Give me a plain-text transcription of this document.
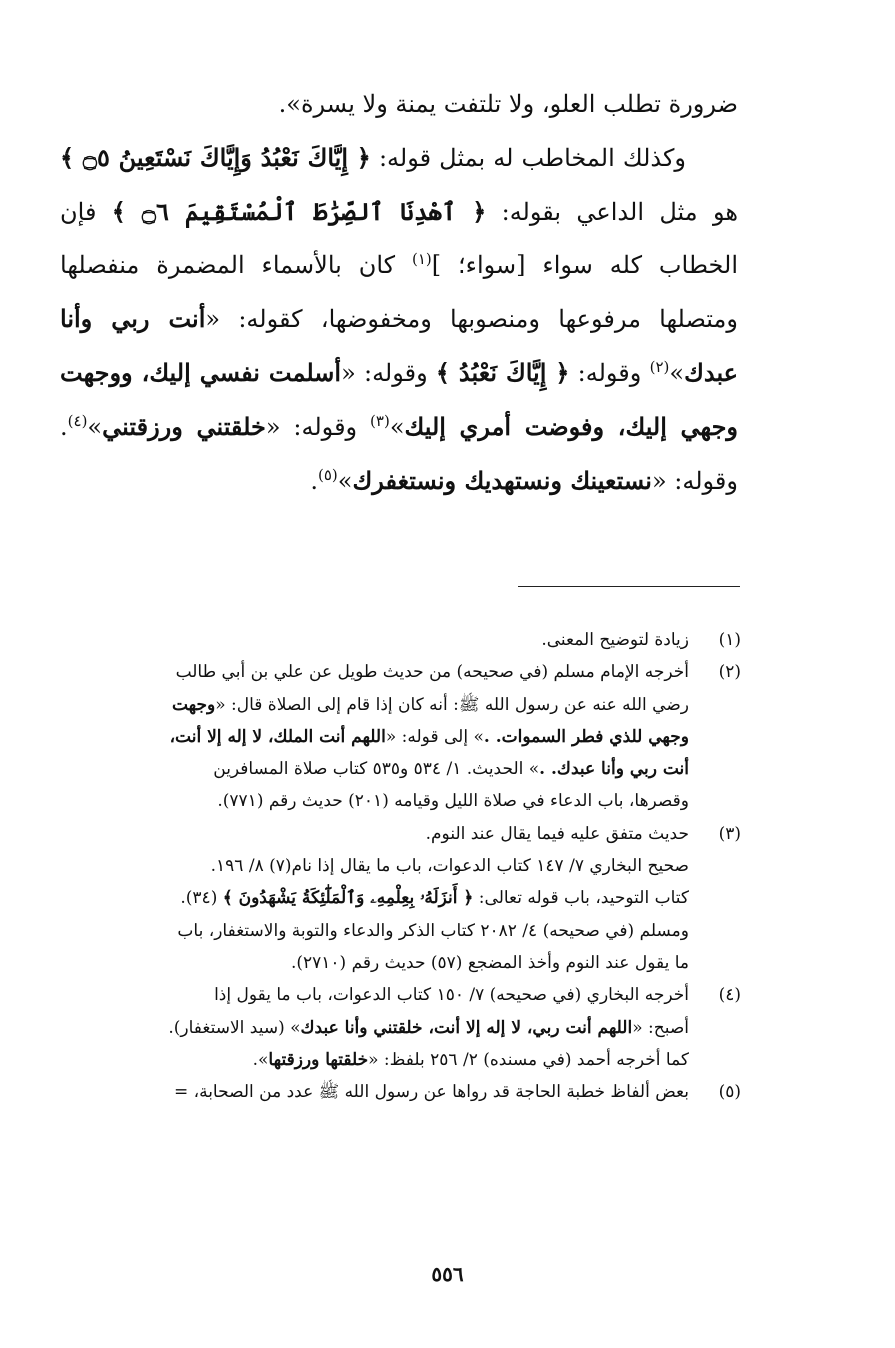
ضرورة تطلب العلو، ولا تلتفت يمنة ولا يسرة».

وكذلك المخاطب له بمثل قوله: ﴿ إِيَّاكَ نَعْبُدُ وَإِيَّاكَ نَسْتَعِينُ ۝٥ ﴾ هو مثل الداعي بقوله: ﴿ ٱهْدِنَا ٱلصِّرَٰطَ ٱلْمُسْتَقِيمَ ۝٦ ﴾ فإن الخطاب كله سواء [سواء؛ ]$^{(١)}$ كان بالأسماء المضمرة منفصلها ومتصلها مرفوعها ومنصوبها ومخفوضها، كقوله: «أنت ربي وأنا عبدك»$^{(٢)}$ وقوله: ﴿ إِيَّاكَ نَعْبُدُ ﴾ وقوله: «أسلمت نفسي إليك، ووجهت وجهي إليك، وفوضت أمري إليك»$^{(٣)}$ وقوله: «خلقتني ورزقتني»$^{(٤)}$. وقوله: «نستعينك ونستهديك ونستغفرك»$^{(٥)}$.

(١)
زيادة لتوضيح المعنى.
(٢)
أخرجه الإمام مسلم (في صحيحه) من حديث طويل عن علي بن أبي طالب
رضي الله عنه عن رسول الله ﷺ: أنه كان إذا قام إلى الصلاة قال: «وجهت
وجهي للذي فطر السموات. .» إلى قوله: «اللهم أنت الملك، لا إله إلا أنت،
أنت ربي وأنا عبدك. .» الحديث. ١/ ٥٣٤ و٥٣٥ كتاب صلاة المسافرين
وقصرها، باب الدعاء في صلاة الليل وقيامه (٢٠١) حديث رقم (٧٧١).
(٣)
حديث متفق عليه فيما يقال عند النوم.
صحيح البخاري ٧/ ١٤٧ كتاب الدعوات، باب ما يقال إذا نام(٧) ٨/ ١٩٦.
كتاب التوحيد، باب قوله تعالى: ﴿ أَنزَلَهُۥ بِعِلْمِهِۦ وَٱلْمَلَٰٓئِكَةُ يَشْهَدُونَ ﴾ (٣٤).
ومسلم (في صحيحه) ٤/ ٢٠٨٢ كتاب الذكر والدعاء والتوبة والاستغفار، باب
ما يقول عند النوم وأخذ المضجع (٥٧) حديث رقم (٢٧١٠).
(٤)
أخرجه البخاري (في صحيحه) ٧/ ١٥٠ كتاب الدعوات، باب ما يقول إذا
أصبح: «اللهم أنت ربي، لا إله إلا أنت، خلقتني وأنا عبدك» (سيد الاستغفار).
كما أخرجه أحمد (في مسنده) ٢/ ٢٥٦ بلفظ: «خلقتها ورزقتها».
(٥)
بعض ألفاظ خطبة الحاجة قد رواها عن رسول الله ﷺ عدد من الصحابة، =
٥٥٦
